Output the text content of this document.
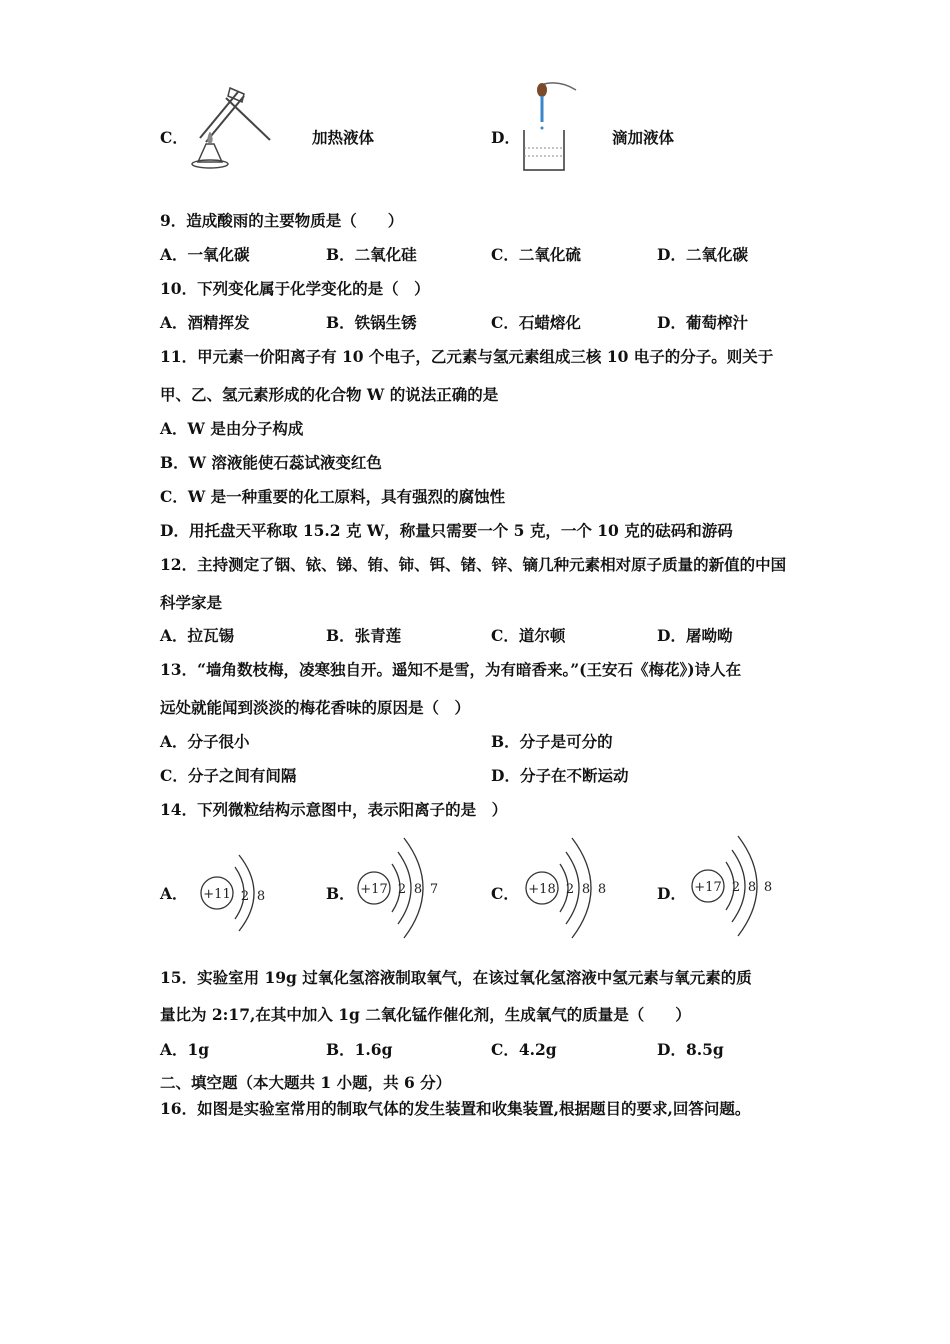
C．	加热液体	D．	滴加液体
9．造成酸雨的主要物质是（　　）
A．一氧化碳	B．二氧化硅	C．二氧化硫	D．二氧化碳
10．下列变化属于化学变化的是（　）
A．酒精挥发	B．铁锅生锈	C．石蜡熔化	D．葡萄榨汁
11．甲元素一价阳离子有 10 个电子，乙元素与氢元素组成三核 10 电子的分子。则关于
甲、乙、氢元素形成的化合物 W 的说法正确的是
A．W 是由分子构成
B．W 溶液能使石蕊试液变红色
C．W 是一种重要的化工原料，具有强烈的腐蚀性
D．用托盘天平称取 15.2 克 W，称量只需要一个 5 克，一个 10 克的砝码和游码
12．主持测定了铟、铱、锑、铕、铈、铒、锗、锌、镝几种元素相对原子质量的新值的中国
科学家是
A．拉瓦锡	B．张青莲	C．道尔顿	D．屠呦呦
13．“墙角数枝梅，凌寒独自开。遥知不是雪，为有暗香来。”(王安石《梅花》)诗人在
远处就能闻到淡淡的梅花香味的原因是（　）
A．分子很小	B．分子是可分的
C．分子之间有间隔	D．分子在不断运动
14．下列微粒结构示意图中，表示阳离子的是　）
A． +11 2 8	B． +17 2 8 7	C． +18 2 8 8	D． +17 2 8 8
15．实验室用 19g 过氧化氢溶液制取氧气，在该过氧化氢溶液中氢元素与氧元素的质
量比为 2:17,在其中加入 1g 二氧化锰作催化剂，生成氧气的质量是（　　）
A．1g	B．1.6g	C．4.2g	D．8.5g
二、填空题（本大题共 1 小题，共 6 分）
16．如图是实验室常用的制取气体的发生装置和收集装置,根据题目的要求,回答问题。
